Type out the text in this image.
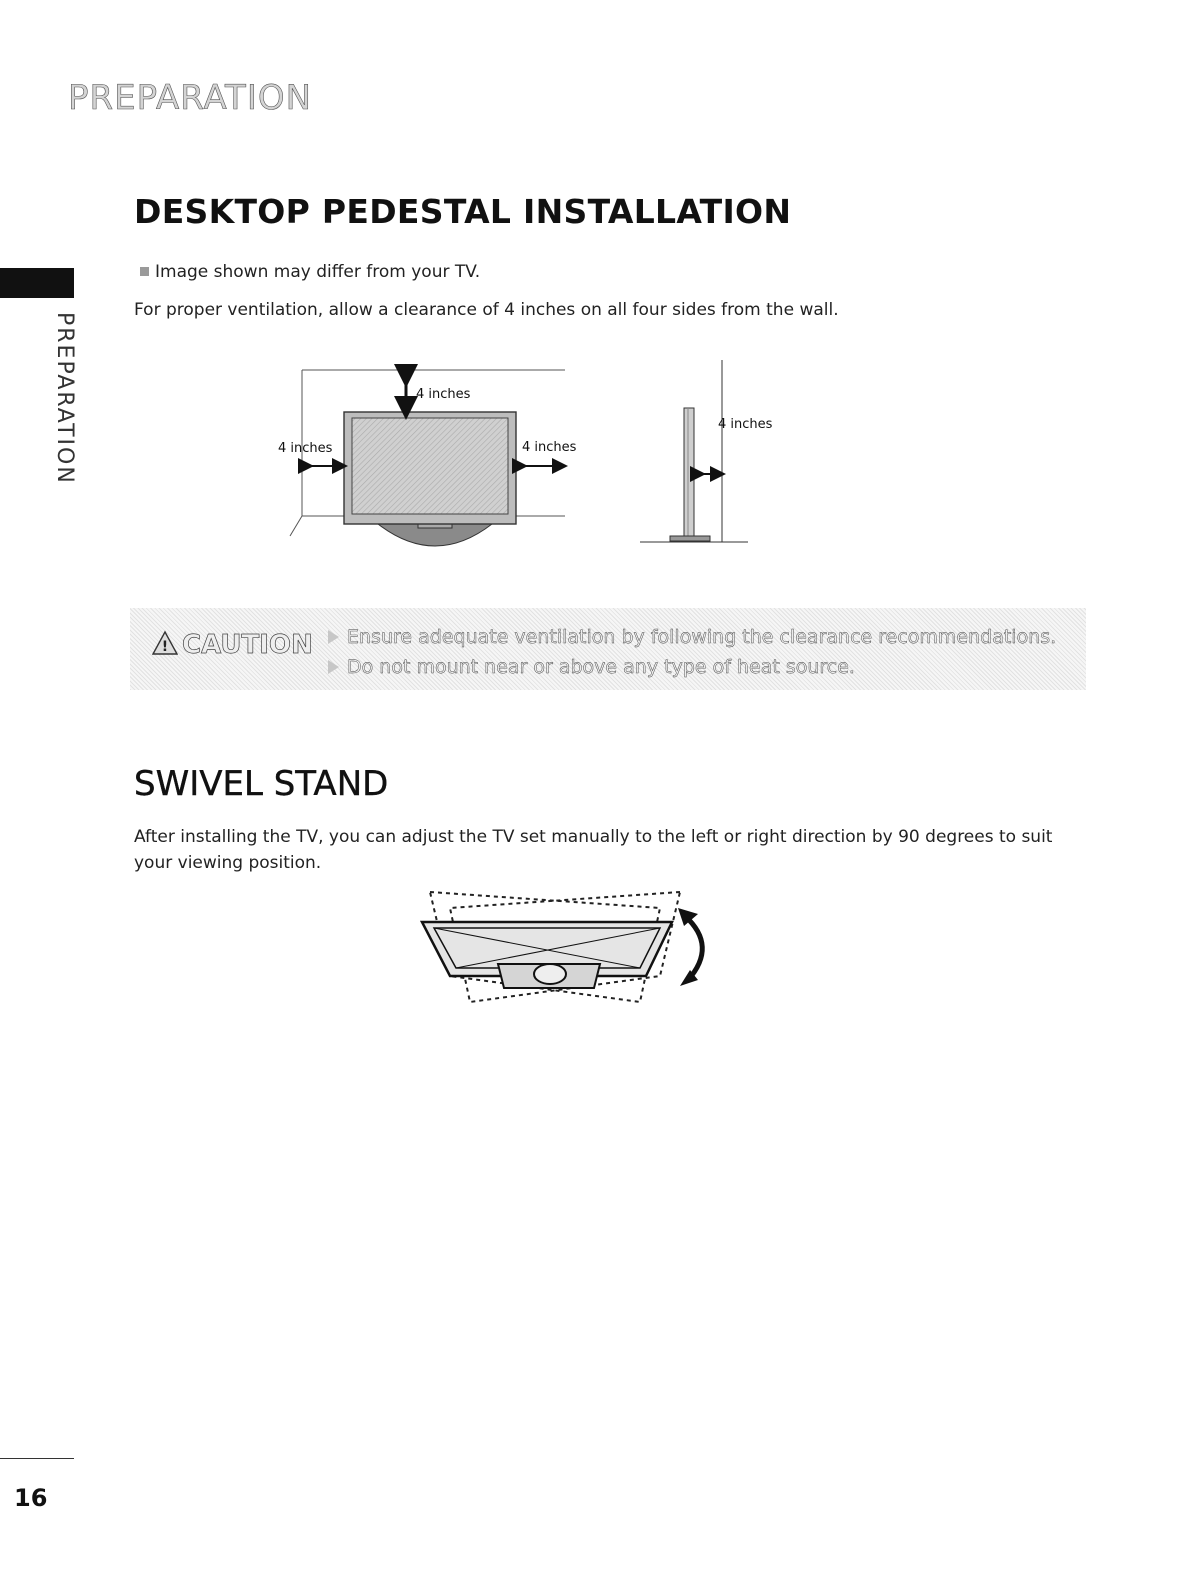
PREPARATION
PREPARATION
DESKTOP PEDESTAL INSTALLATION
Image shown may differ from your TV.
For proper ventilation, allow a clearance of 4 inches on all four sides from the wall.
4 inches
4 inches	4 inches
4 inches
! CAUTION	Ensure adequate ventilation by following the clearance recommendations.
Do not mount near or above any type of heat source.
SWIVEL STAND
After installing the TV, you can adjust the TV set manually to the left or right direction by 90 degrees to suit your viewing position.
16
